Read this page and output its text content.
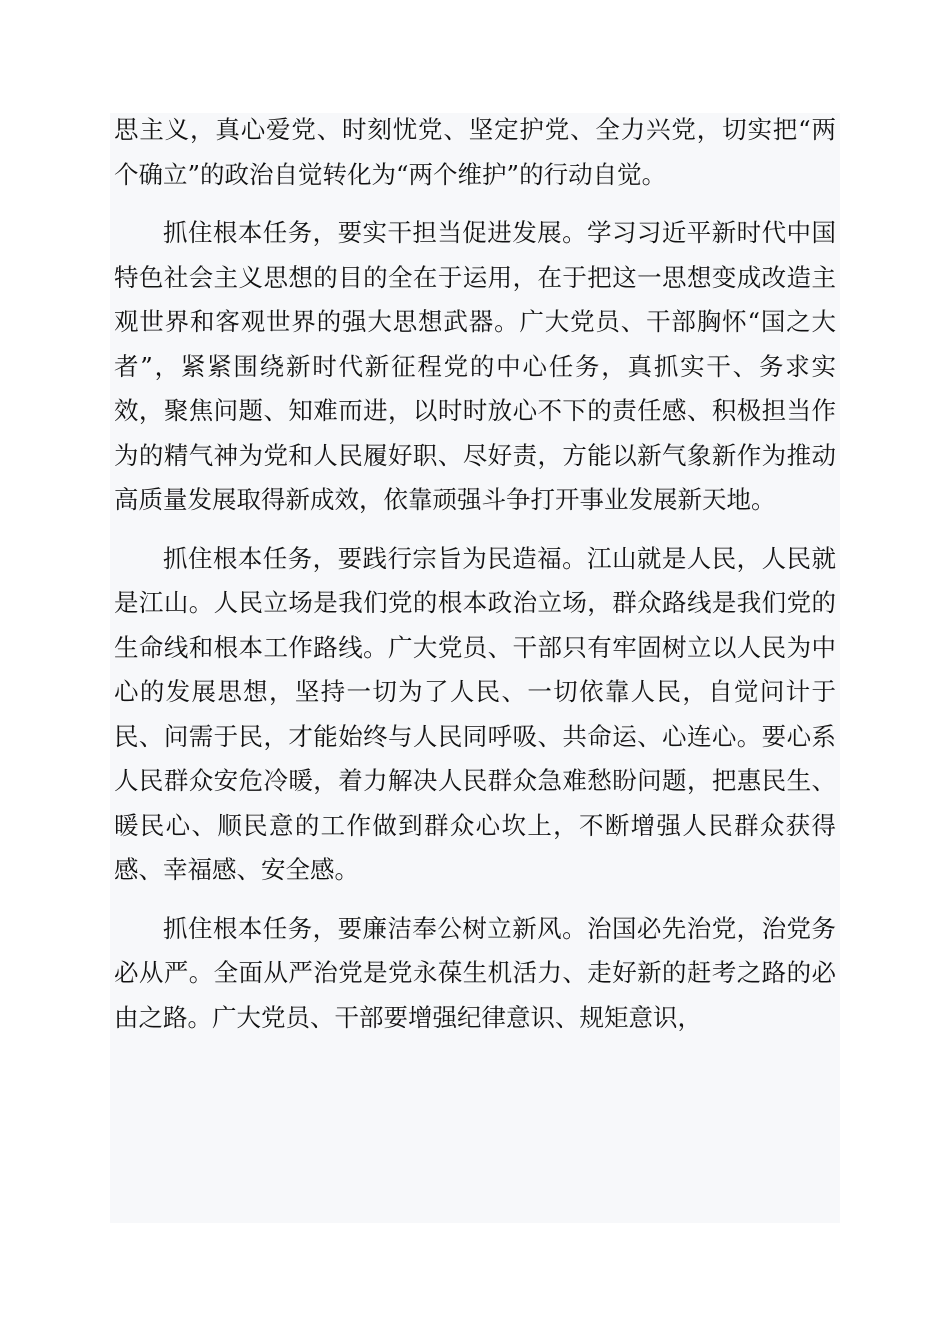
思主义，真心爱党、时刻忧党、坚定护党、全力兴党，切实把“两个确立”的政治自觉转化为“两个维护”的行动自觉。

抓住根本任务，要实干担当促进发展。学习习近平新时代中国特色社会主义思想的目的全在于运用，在于把这一思想变成改造主观世界和客观世界的强大思想武器。广大党员、干部胸怀“国之大者”，紧紧围绕新时代新征程党的中心任务，真抓实干、务求实效，聚焦问题、知难而进，以时时放心不下的责任感、积极担当作为的精气神为党和人民履好职、尽好责，方能以新气象新作为推动高质量发展取得新成效，依靠顽强斗争打开事业发展新天地。

抓住根本任务，要践行宗旨为民造福。江山就是人民，人民就是江山。人民立场是我们党的根本政治立场，群众路线是我们党的生命线和根本工作路线。广大党员、干部只有牢固树立以人民为中心的发展思想，坚持一切为了人民、一切依靠人民，自觉问计于民、问需于民，才能始终与人民同呼吸、共命运、心连心。要心系人民群众安危冷暖，着力解决人民群众急难愁盼问题，把惠民生、暖民心、顺民意的工作做到群众心坎上，不断增强人民群众获得感、幸福感、安全感。

抓住根本任务，要廉洁奉公树立新风。治国必先治党，治党务必从严。全面从严治党是党永葆生机活力、走好新的赶考之路的必由之路。广大党员、干部要增强纪律意识、规矩意识，
